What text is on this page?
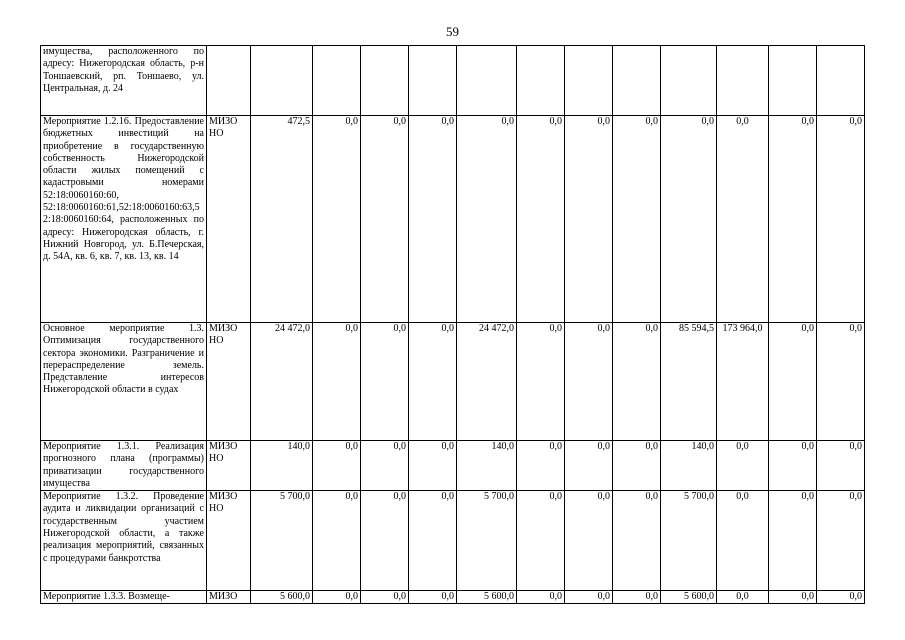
59
имущества, расположенного по адресу: Нижегородская область, р-н Тоншаевский, рп. Тоншаево, ул. Центральная, д. 24													
Мероприятие 1.2.16. Предоставление бюджетных инвестиций на приобретение в государственную собственность Нижегородской области жилых помещений с кадастровыми номерами 52:18:0060160:60, 52:18:0060160:61,52:18:0060160:63,52:18:0060160:64, расположенных по адресу: Нижегородская область, г. Нижний Новгород, ул. Б.Печерская, д. 54А, кв. 6, кв. 7, кв. 13, кв. 14	МИЗО НО	472,5	0,0	0,0	0,0	0,0	0,0	0,0	0,0	0,0	0,0	0,0	0,0
Основное мероприятие 1.3. Оптимизация государственного сектора экономики. Разграничение и перераспределение земель. Представление интересов Нижегородской области в судах	МИЗО НО	24 472,0	0,0	0,0	0,0	24 472,0	0,0	0,0	0,0	85 594,5	173 964,0	0,0	0,0
Мероприятие 1.3.1. Реализация прогнозного плана (программы) приватизации государственного имущества	МИЗО НО	140,0	0,0	0,0	0,0	140,0	0,0	0,0	0,0	140,0	0,0	0,0	0,0
Мероприятие 1.3.2. Проведение аудита и ликвидации организаций с государственным участием Нижегородской области, а также реализация мероприятий, связанных с процедурами банкротства	МИЗО НО	5 700,0	0,0	0,0	0,0	5 700,0	0,0	0,0	0,0	5 700,0	0,0	0,0	0,0
Мероприятие 1.3.3. Возмеще-	МИЗО	5 600,0	0,0	0,0	0,0	5 600,0	0,0	0,0	0,0	5 600,0	0,0	0,0	0,0
